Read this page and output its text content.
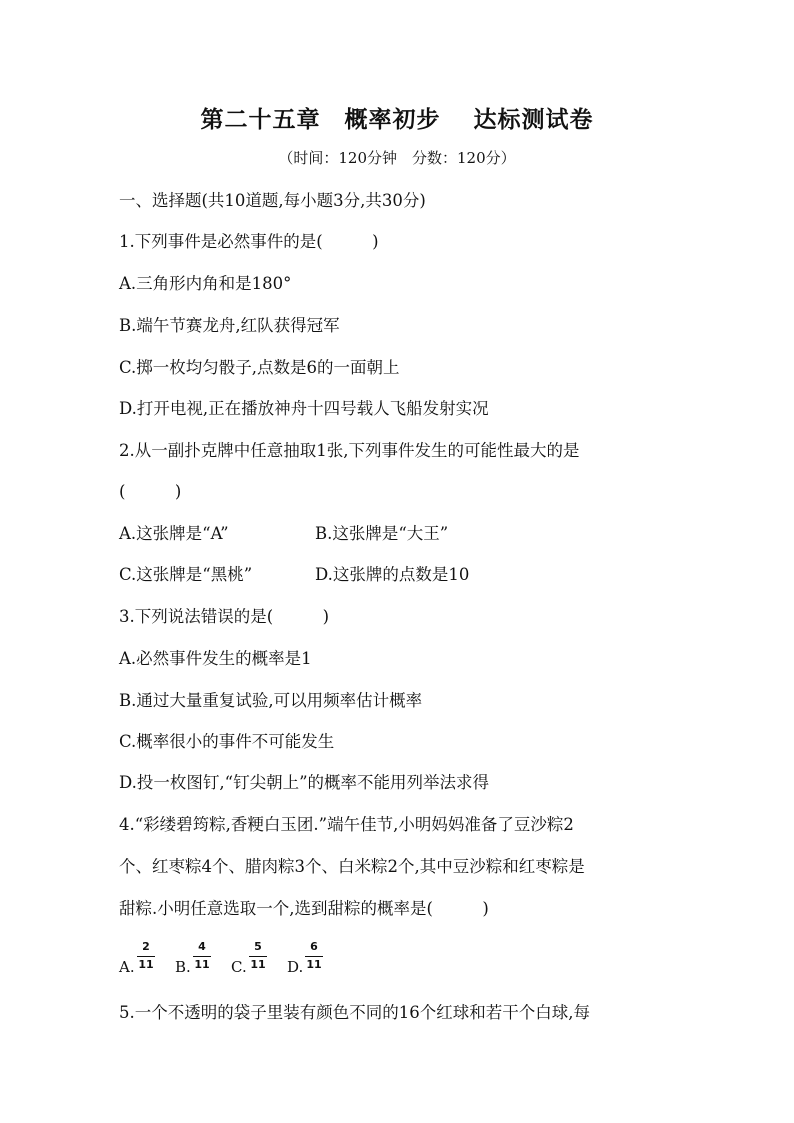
第二十五章　概率初步　 达标测试卷
（时间：120分钟　分数：120分）
一、选择题(共10道题,每小题3分,共30分)
1.下列事件是必然事件的是(　　　)
A.三角形内角和是180°
B.端午节赛龙舟,红队获得冠军
C.掷一枚均匀骰子,点数是6的一面朝上
D.打开电视,正在播放神舟十四号载人飞船发射实况
2.从一副扑克牌中任意抽取1张,下列事件发生的可能性最大的是
(　　　)
A.这张牌是“A”	B.这张牌是“大王”
C.这张牌是“黑桃”	D.这张牌的点数是10
3.下列说法错误的是(　　　)
A.必然事件发生的概率是1
B.通过大量重复试验,可以用频率估计概率
C.概率很小的事件不可能发生
D.投一枚图钉,“钉尖朝上”的概率不能用列举法求得
4.“彩缕碧筠粽,香粳白玉团.”端午佳节,小明妈妈准备了豆沙粽2
个、红枣粽4个、腊肉粽3个、白米粽2个,其中豆沙粽和红枣粽是
甜粽.小明任意选取一个,选到甜粽的概率是(　　　)
A.
2
11 B.
4
11 C.
5
11 D.
6
11
5.一个不透明的袋子里装有颜色不同的16个红球和若干个白球,每
